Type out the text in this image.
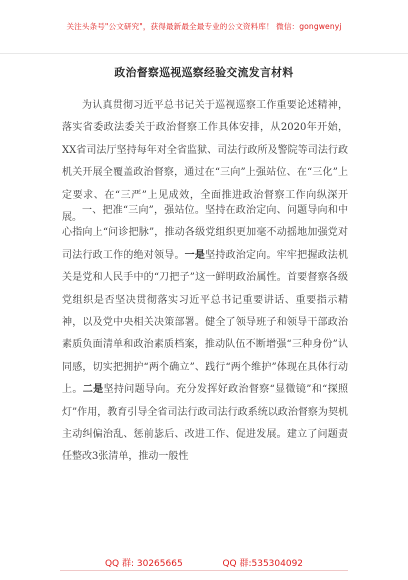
关注头条号"公文研究"，获得最新最全最专业的公文资料库！ 微信：gongwenyj
政治督察巡视巡察经验交流发言材料
为认真贯彻习近平总书记关于巡视巡察工作重要论述精神，落实省委政法委关于政治督察工作具体安排，从2020年开始，XX省司法厅坚持每年对全省监狱、司法行政所及警院等司法行政机关开展全覆盖政治督察，通过在“三向”上强站位、在“三化”上定要求、在“三严”上见成效，全面推进政治督察工作向纵深开展。
一、把准“三向”，强站位。坚持在政治定向、问题导向和中心指向上“问诊把脉”，推动各级党组织更加毫不动摇地加强党对司法行政工作的绝对领导。一是坚持政治定向。牢牢把握政法机关是党和人民手中的“刀把子”这一鲜明政治属性。首要督察各级党组织是否坚决贯彻落实习近平总书记重要讲话、重要指示精神，以及党中央相关决策部署。健全了领导班子和领导干部政治素质负面清单和政治素质档案，推动队伍不断增强“三种身份”认同感，切实把拥护“两个确立”、践行“两个维护”体现在具体行动上。二是坚持问题导向。充分发挥好政治督察“显微镜”和“探照灯”作用，教育引导全省司法行政司法行政系统以政治督察为契机主动纠偏治乱、惩前毖后、改进工作、促进发展。建立了问题责任整改3张清单，推动一般性
QQ 群: 30265665	QQ 群:535304092
